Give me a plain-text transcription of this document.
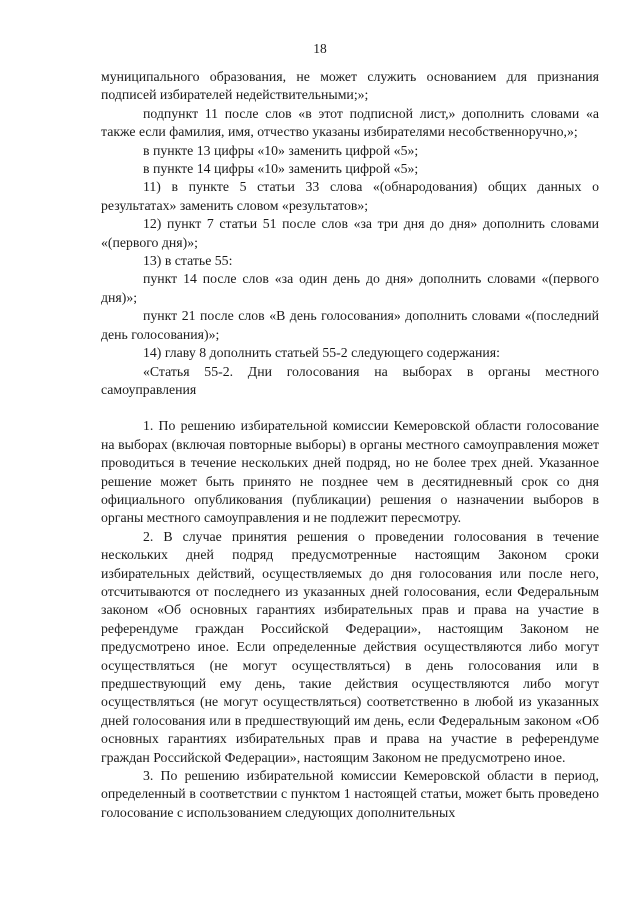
18

муниципального образования, не может служить основанием для признания подписей избирателей недействительными;»;

подпункт 11 после слов «в этот подписной лист,» дополнить словами «а также если фамилия, имя, отчество указаны избирателями несобственноручно,»;

в пункте 13 цифры «10» заменить цифрой «5»;

в пункте 14 цифры «10» заменить цифрой «5»;

11) в пункте 5 статьи 33 слова «(обнародования) общих данных о результатах» заменить словом «результатов»;

12) пункт 7 статьи 51 после слов «за три дня до дня» дополнить словами «(первого дня)»;

13) в статье 55:

пункт 14 после слов «за один день до дня» дополнить словами «(первого дня)»;

пункт 21 после слов «В день голосования» дополнить словами «(последний день голосования)»;

14) главу 8 дополнить статьей 55-2 следующего содержания:

«Статья 55-2. Дни голосования на выборах в органы местного самоуправления

1. По решению избирательной комиссии Кемеровской области голосование на выборах (включая повторные выборы) в органы местного самоуправления может проводиться в течение нескольких дней подряд, но не более трех дней. Указанное решение может быть принято не позднее чем в десятидневный срок со дня официального опубликования (публикации) решения о назначении выборов в органы местного самоуправления и не подлежит пересмотру.

2. В случае принятия решения о проведении голосования в течение нескольких дней подряд предусмотренные настоящим Законом сроки избирательных действий, осуществляемых до дня голосования или после него, отсчитываются от последнего из указанных дней голосования, если Федеральным законом «Об основных гарантиях избирательных прав и права на участие в референдуме граждан Российской Федерации», настоящим Законом не предусмотрено иное. Если определенные действия осуществляются либо могут осуществляться (не могут осуществляться) в день голосования или в предшествующий ему день, такие действия осуществляются либо могут осуществляться (не могут осуществляться) соответственно в любой из указанных дней голосования или в предшествующий им день, если Федеральным законом «Об основных гарантиях избирательных прав и права на участие в референдуме граждан Российской Федерации», настоящим Законом не предусмотрено иное.

3. По решению избирательной комиссии Кемеровской области в период, определенный в соответствии с пунктом 1 настоящей статьи, может быть проведено голосование с использованием следующих дополнительных
